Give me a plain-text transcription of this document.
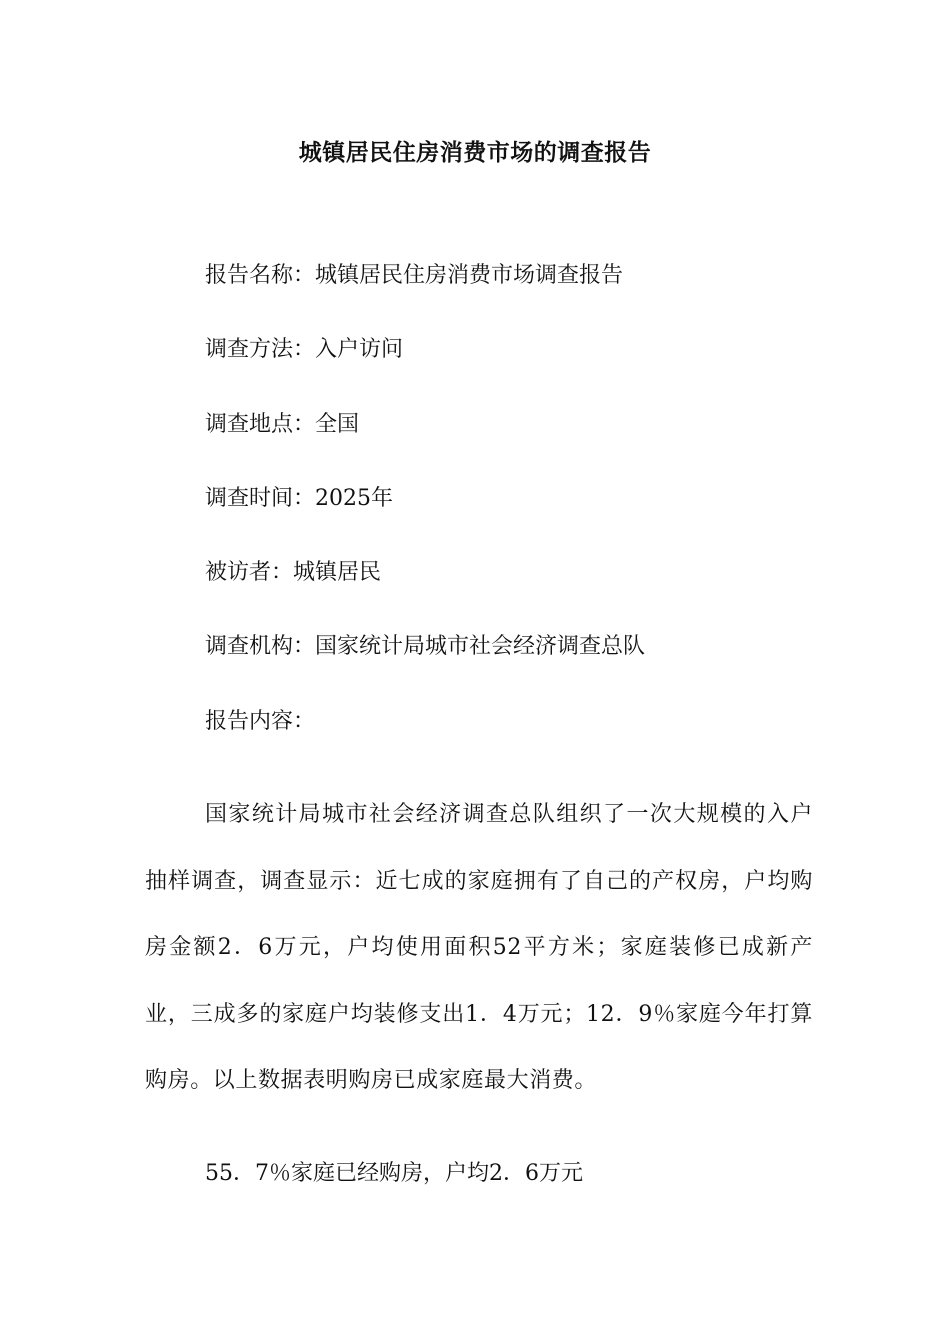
城镇居民住房消费市场的调查报告
报告名称：城镇居民住房消费市场调查报告
调查方法：入户访问
调查地点：全国
调查时间：2025年
被访者：城镇居民
调查机构：国家统计局城市社会经济调查总队
报告内容：

国家统计局城市社会经济调查总队组织了一次大规模的入户抽样调查，调查显示：近七成的家庭拥有了自己的产权房，户均购房金额2．6万元，户均使用面积52平方米；家庭装修已成新产业，三成多的家庭户均装修支出1．4万元；12．9％家庭今年打算购房。以上数据表明购房已成家庭最大消费。

55．7％家庭已经购房，户均2．6万元
